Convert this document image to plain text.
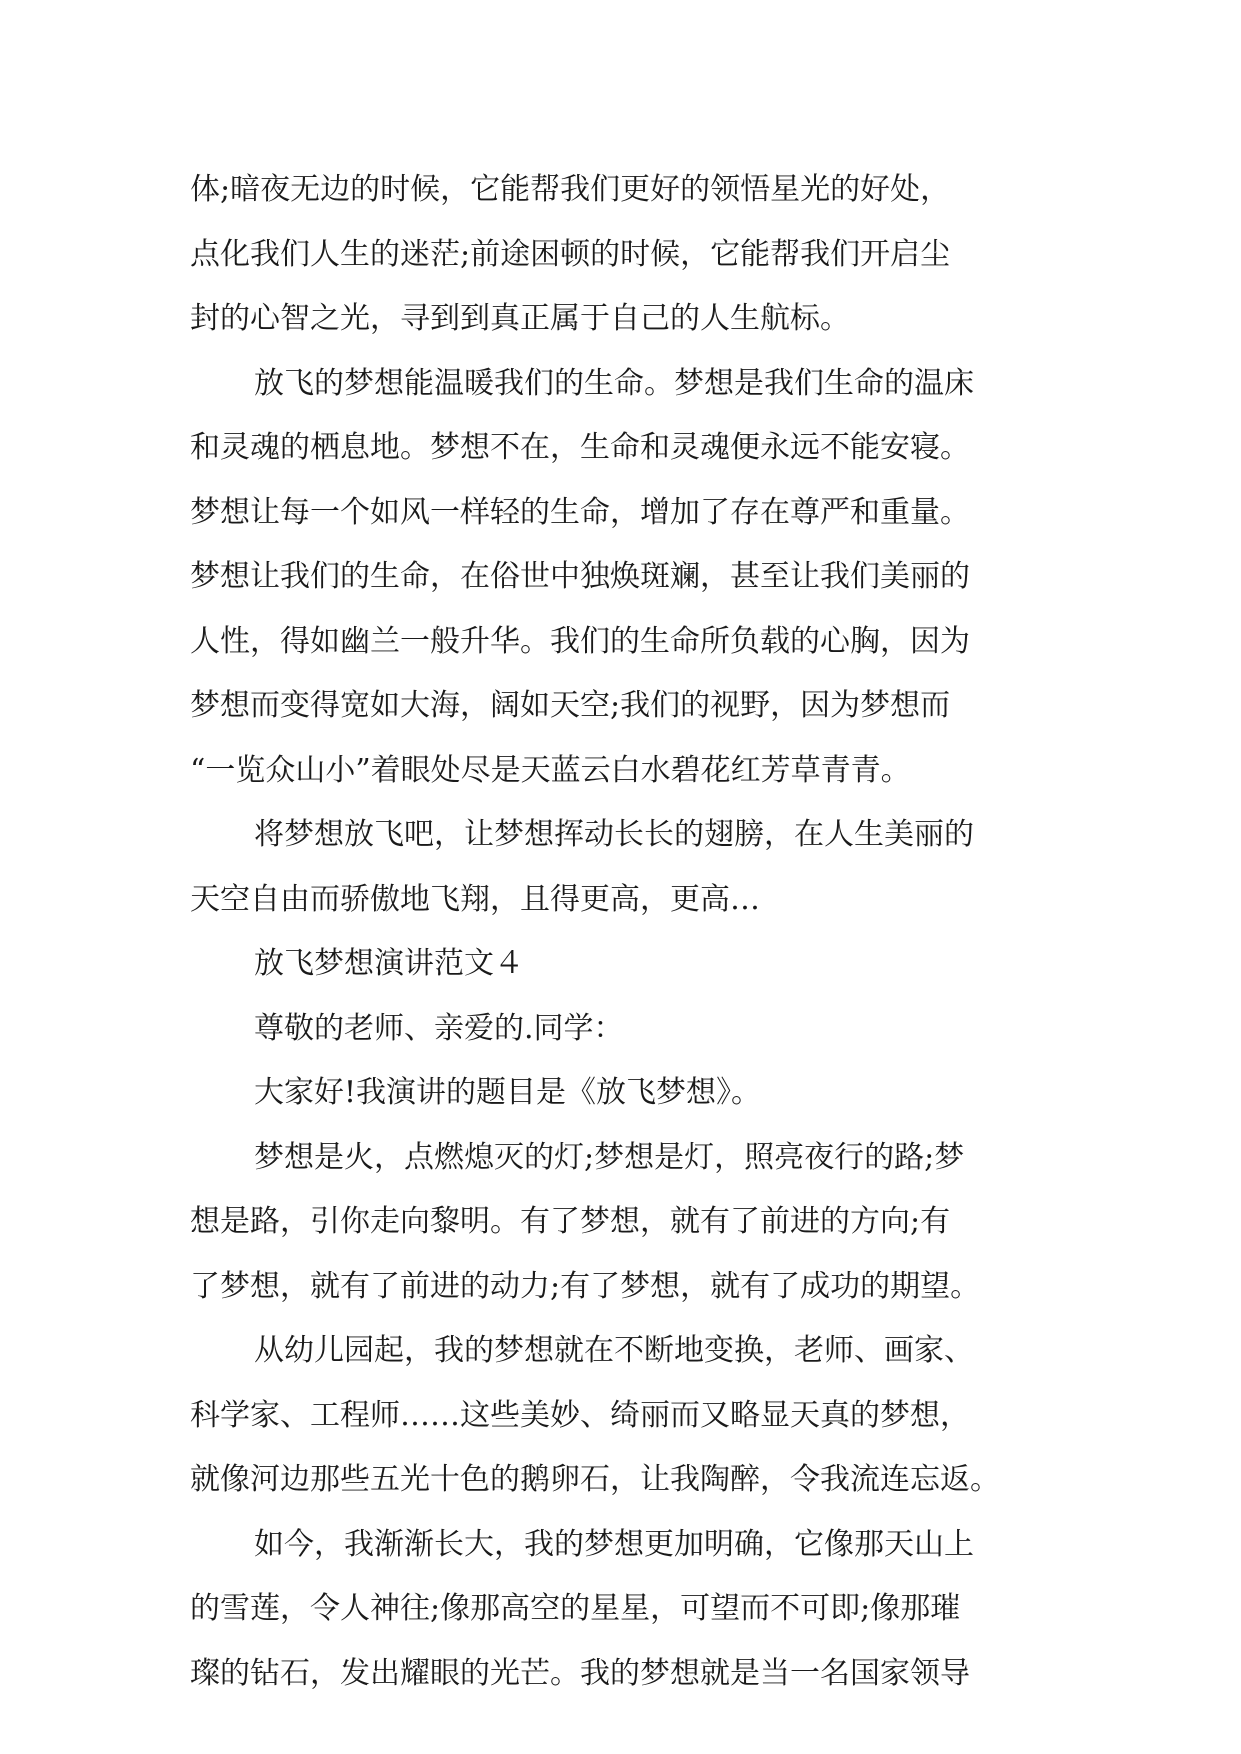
体;暗夜无边的时候，它能帮我们更好的领悟星光的好处，
点化我们人生的迷茫;前途困顿的时候，它能帮我们开启尘
封的心智之光，寻到到真正属于自己的人生航标。
放飞的梦想能温暖我们的生命。梦想是我们生命的温床
和灵魂的栖息地。梦想不在，生命和灵魂便永远不能安寝。
梦想让每一个如风一样轻的生命，增加了存在尊严和重量。
梦想让我们的生命，在俗世中独焕斑斓，甚至让我们美丽的
人性，得如幽兰一般升华。我们的生命所负载的心胸，因为
梦想而变得宽如大海，阔如天空;我们的视野，因为梦想而
“一览众山小”着眼处尽是天蓝云白水碧花红芳草青青。
将梦想放飞吧，让梦想挥动长长的翅膀，在人生美丽的
天空自由而骄傲地飞翔，且得更高，更高…
放飞梦想演讲范文４
尊敬的老师、亲爱的.同学：
大家好!我演讲的题目是《放飞梦想》。
梦想是火，点燃熄灭的灯;梦想是灯，照亮夜行的路;梦
想是路，引你走向黎明。有了梦想，就有了前进的方向;有
了梦想，就有了前进的动力;有了梦想，就有了成功的期望。
从幼儿园起，我的梦想就在不断地变换，老师、画家、
科学家、工程师……这些美妙、绮丽而又略显天真的梦想，
就像河边那些五光十色的鹅卵石，让我陶醉，令我流连忘返。
如今，我渐渐长大，我的梦想更加明确，它像那天山上
的雪莲，令人神往;像那高空的星星，可望而不可即;像那璀
璨的钻石，发出耀眼的光芒。我的梦想就是当一名国家领导
